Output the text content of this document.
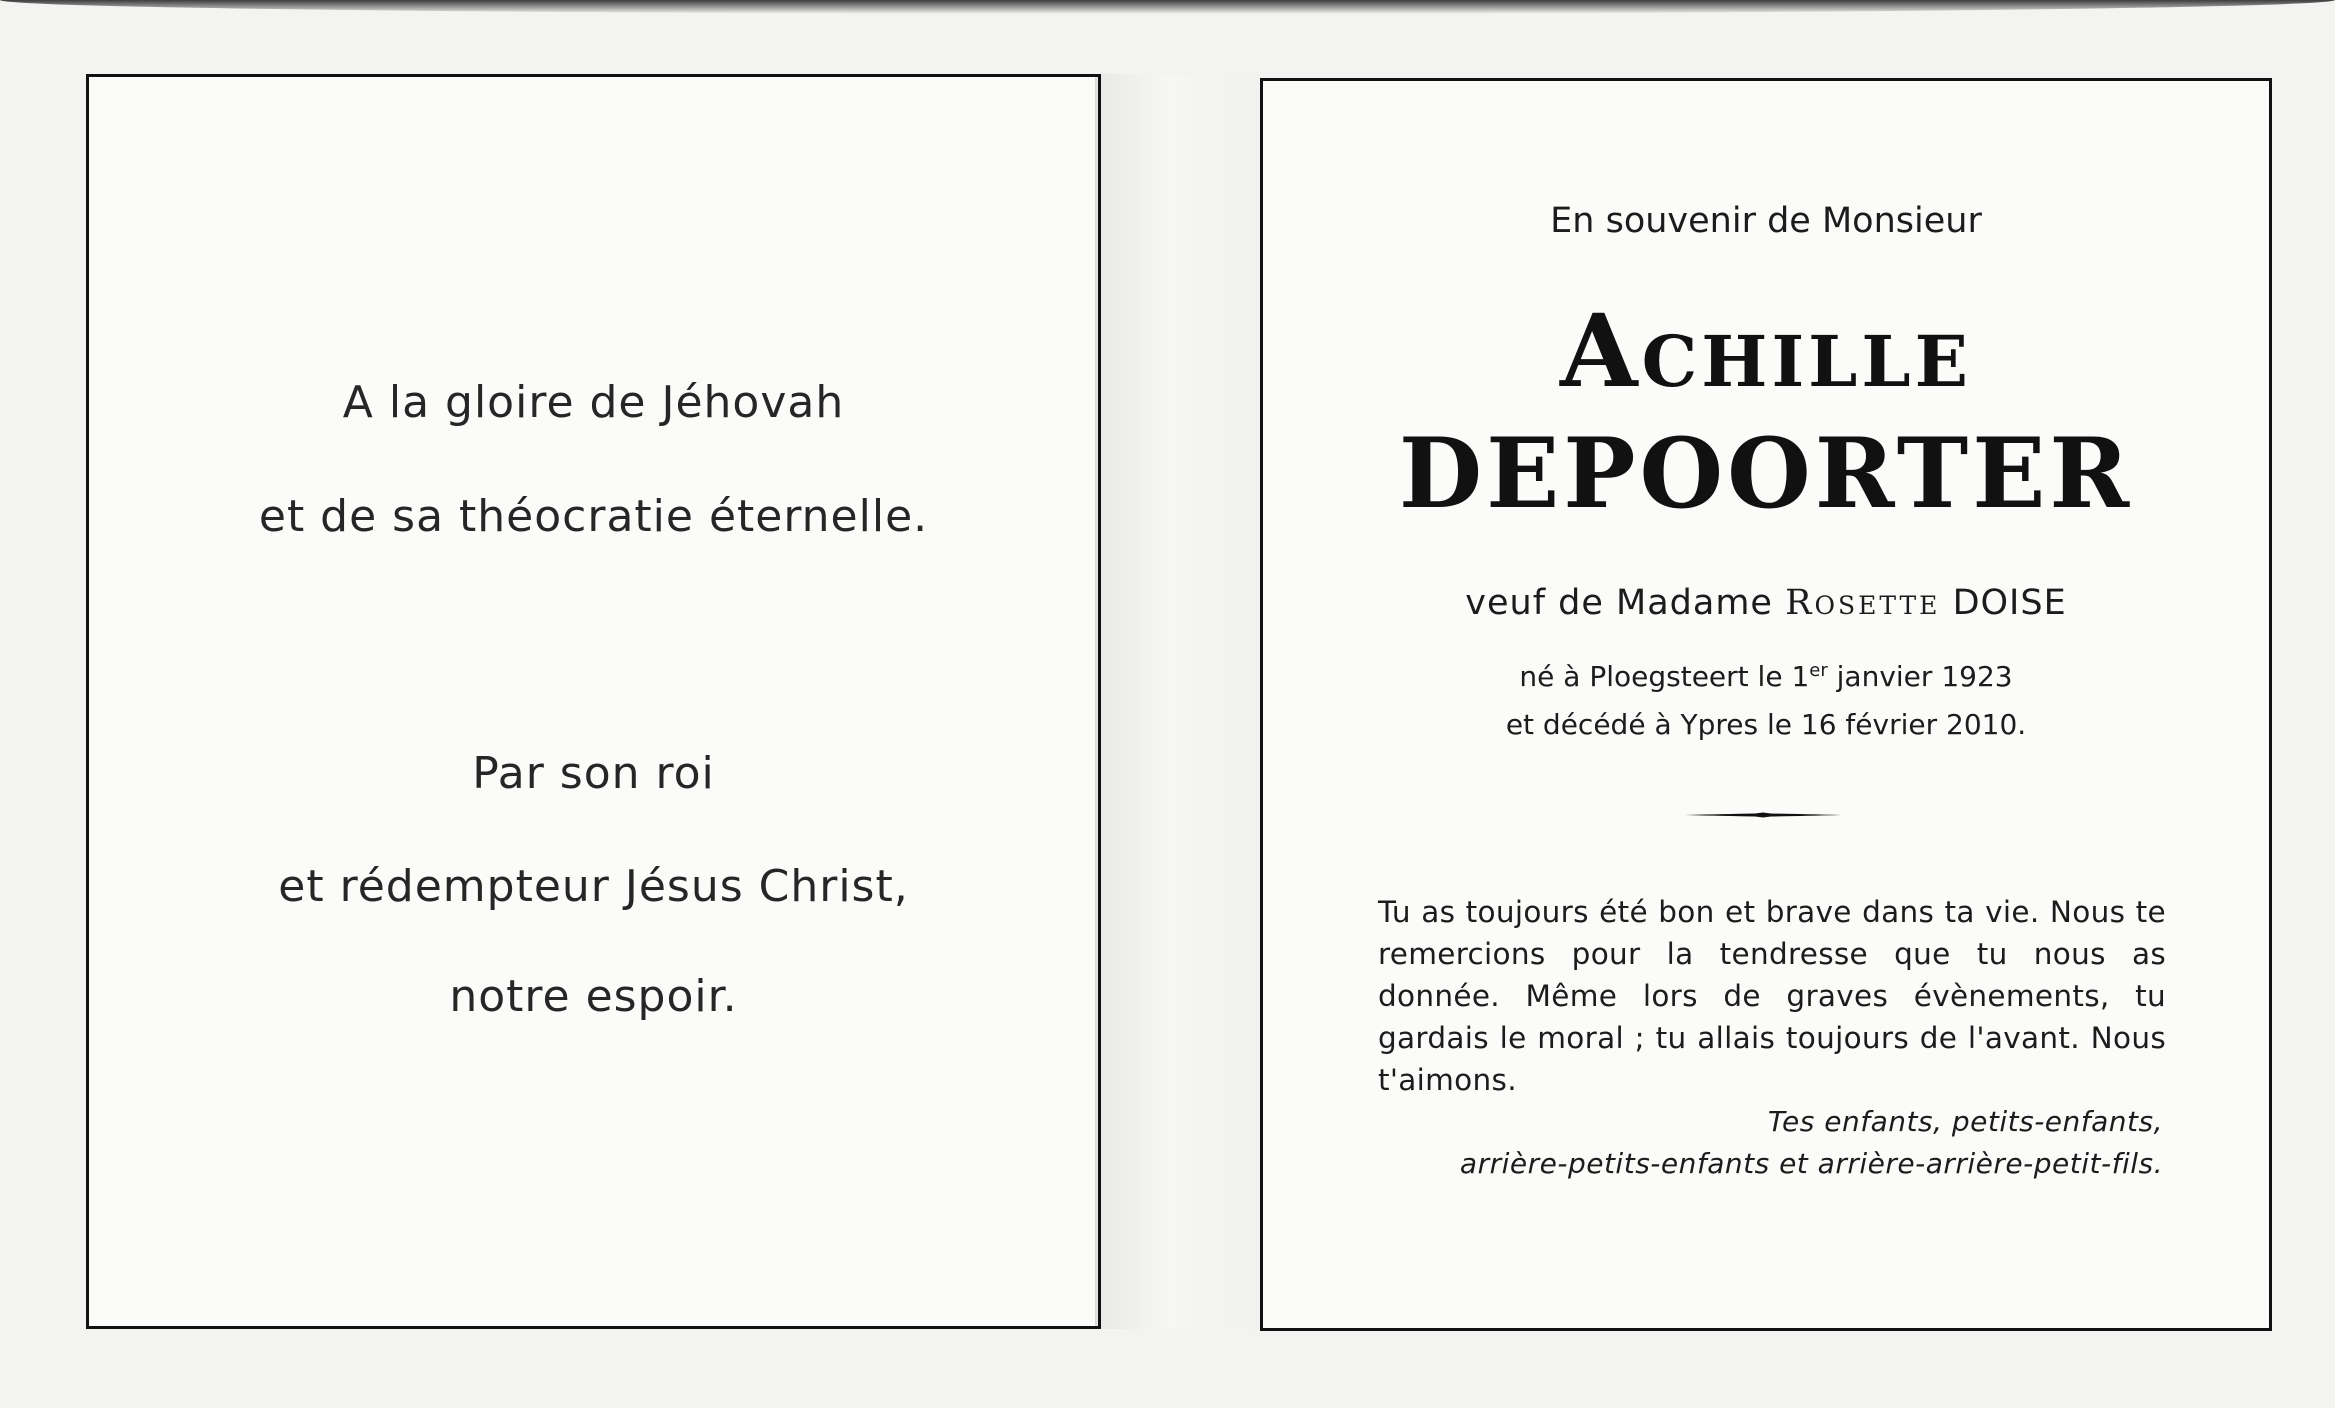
A la gloire de Jéhovah

et de sa théocratie éternelle.

Par son roi

et rédempteur Jésus Christ,

notre espoir.

En souvenir de Monsieur

Achille
DEPOORTER

veuf de Madame Rosette DOISE

né à Ploegsteert le 1er janvier 1923
et décédé à Ypres le 16 février 2010.

Tu as toujours été bon et brave dans ta vie. Nous te remercions pour la tendresse que tu nous as donnée. Même lors de graves évènements, tu gardais le moral ; tu allais toujours de l'avant. Nous t'aimons.

Tes enfants, petits-enfants,
arrière-petits-enfants et arrière-arrière-petit-fils.
